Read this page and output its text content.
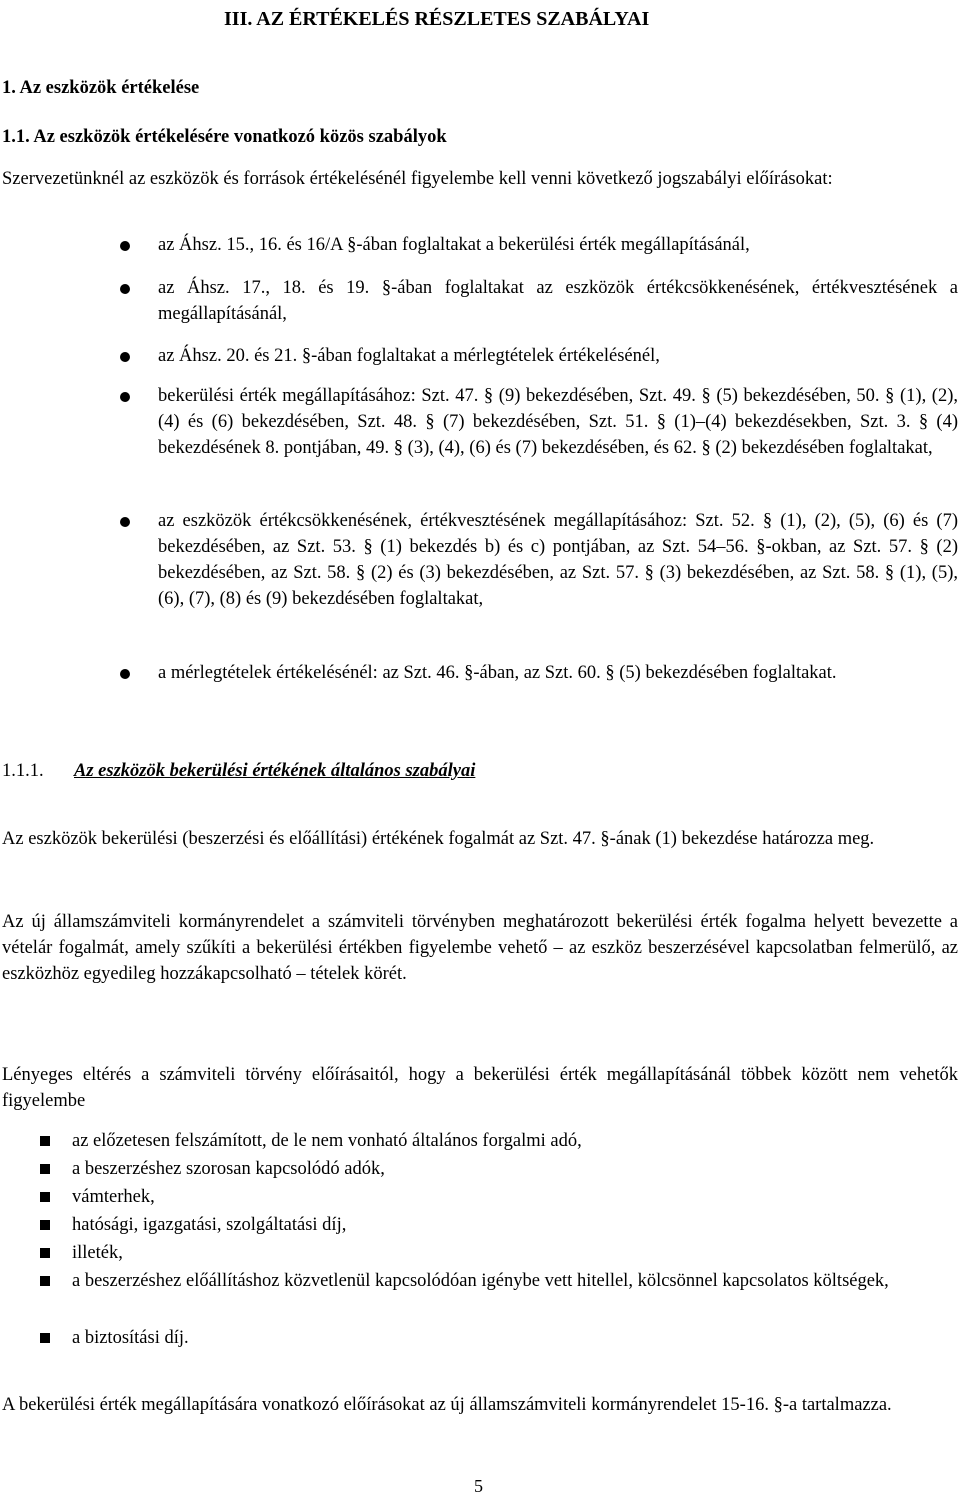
III. AZ ÉRTÉKELÉS RÉSZLETES SZABÁLYAI
1. Az eszközök értékelése
1.1. Az eszközök értékelésére vonatkozó közös szabályok
Szervezetünknél az eszközök és források értékelésénél figyelembe kell venni következő jogszabályi előírásokat:
az Áhsz. 15., 16. és 16/A §-ában foglaltakat a bekerülési érték megállapításánál,
az Áhsz. 17., 18. és 19. §-ában foglaltakat az eszközök értékcsökkenésének, értékvesztésének a megállapításánál,
az Áhsz. 20. és 21. §-ában foglaltakat a mérlegtételek értékelésénél,
bekerülési érték megállapításához: Szt. 47. § (9) bekezdésében, Szt. 49. § (5) bekezdésében, 50. § (1), (2), (4) és (6) bekezdésében, Szt. 48. § (7) bekezdésében, Szt. 51. § (1)–(4) bekezdésekben, Szt. 3. § (4) bekezdésének 8. pontjában, 49. § (3), (4), (6) és (7) bekezdésében, és 62. § (2) bekezdésében foglaltakat,
az eszközök értékcsökkenésének, értékvesztésének megállapításához: Szt. 52. § (1), (2), (5), (6) és (7) bekezdésében, az Szt. 53. § (1) bekezdés b) és c) pontjában, az Szt. 54–56. §-okban, az Szt. 57. § (2) bekezdésében, az Szt. 58. § (2) és (3) bekezdésében, az Szt. 57. § (3) bekezdésében, az Szt. 58. § (1), (5), (6), (7), (8) és (9) bekezdésében foglaltakat,
a mérlegtételek értékelésénél: az Szt. 46. §-ában, az Szt. 60. § (5) bekezdésében foglaltakat.
1.1.1. Az eszközök bekerülési értékének általános szabályai
Az eszközök bekerülési (beszerzési és előállítási) értékének fogalmát az Szt. 47. §-ának (1) bekezdése határozza meg.
Az új államszámviteli kormányrendelet a számviteli törvényben meghatározott bekerülési érték fogalma helyett bevezette a vételár fogalmát, amely szűkíti a bekerülési értékben figyelembe vehető – az eszköz beszerzésével kapcsolatban felmerülő, az eszközhöz egyedileg hozzákapcsolható – tételek körét.
Lényeges eltérés a számviteli törvény előírásaitól, hogy a bekerülési érték megállapításánál többek között nem vehetők figyelembe
az előzetesen felszámított, de le nem vonható általános forgalmi adó,
a beszerzéshez szorosan kapcsolódó adók,
vámterhek,
hatósági, igazgatási, szolgáltatási díj,
illeték,
a beszerzéshez előállításhoz közvetlenül kapcsolódóan igénybe vett hitellel, kölcsönnel kapcsolatos költségek,
a biztosítási díj.
A bekerülési érték megállapítására vonatkozó előírásokat az új államszámviteli kormányrendelet 15-16. §-a tartalmazza.
5
